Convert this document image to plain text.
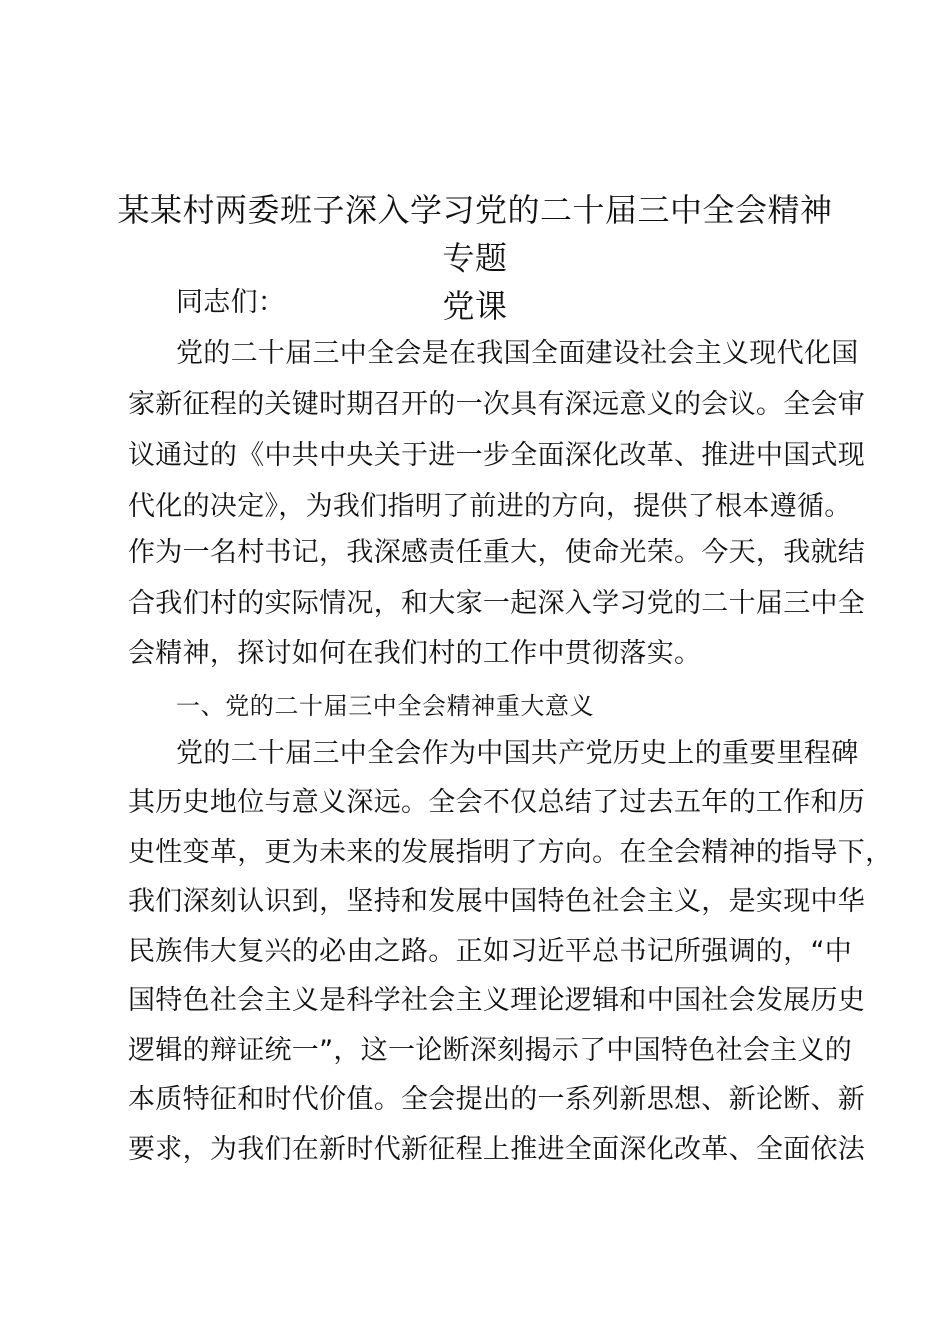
某某村两委班子深入学习党的二十届三中全会精神专题
党课

同志们：

党的二十届三中全会是在我国全面建设社会主义现代化国

家新征程的关键时期召开的一次具有深远意义的会议。全会审

议通过的《中共中央关于进一步全面深化改革、推进中国式现

代化的决定》，为我们指明了前进的方向，提供了根本遵循。

作为一名村书记，我深感责任重大，使命光荣。今天，我就结

合我们村的实际情况，和大家一起深入学习党的二十届三中全

会精神，探讨如何在我们村的工作中贯彻落实。

一、党的二十届三中全会精神重大意义

党的二十届三中全会作为中国共产党历史上的重要里程碑

其历史地位与意义深远。全会不仅总结了过去五年的工作和历

史性变革，更为未来的发展指明了方向。在全会精神的指导下，

我们深刻认识到，坚持和发展中国特色社会主义，是实现中华

民族伟大复兴的必由之路。正如习近平总书记所强调的，“中

国特色社会主义是科学社会主义理论逻辑和中国社会发展历史

逻辑的辩证统一”，这一论断深刻揭示了中国特色社会主义的

本质特征和时代价值。全会提出的一系列新思想、新论断、新

要求，为我们在新时代新征程上推进全面深化改革、全面依法
